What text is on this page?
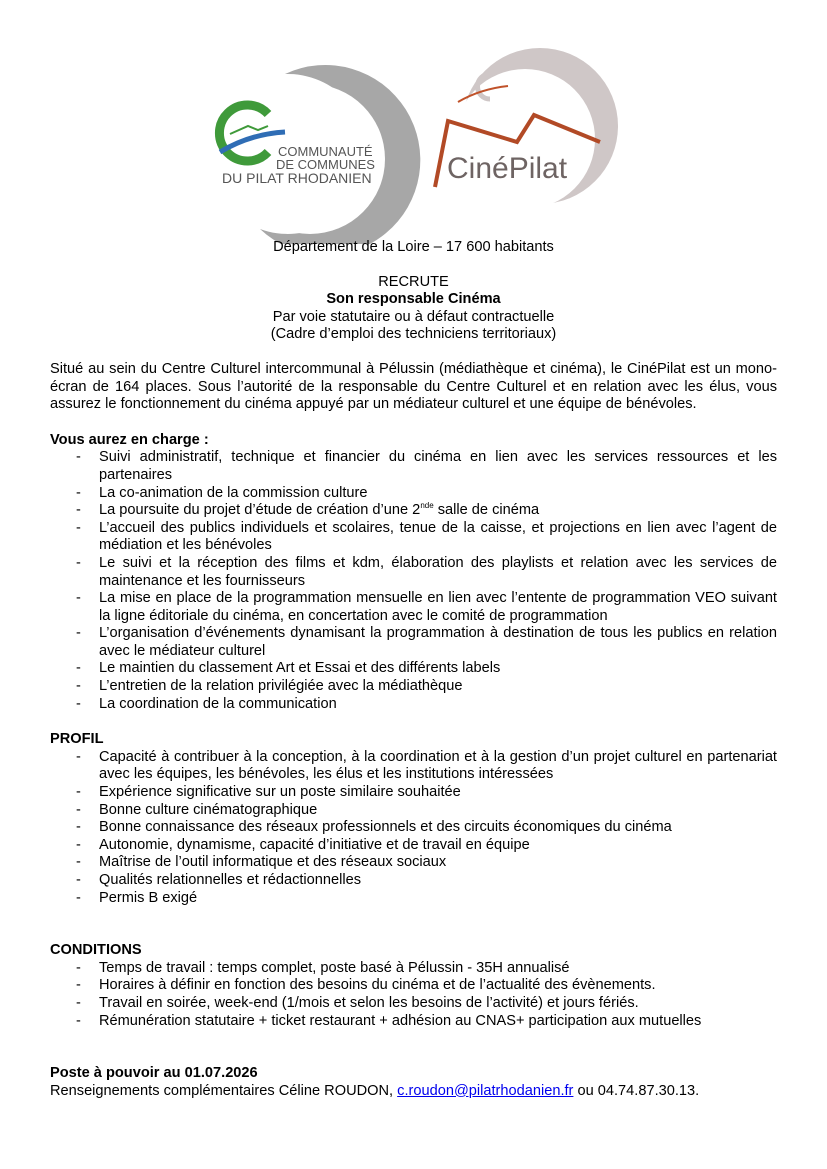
COMMUNAUTÉ
DE COMMUNES
DU PILAT RHODANIEN	CinéPilat
Département de la Loire – 17 600 habitants
RECRUTE
Son responsable Cinéma
Par voie statutaire ou à défaut contractuelle
(Cadre d’emploi des techniciens territoriaux)
Situé au sein du Centre Culturel intercommunal à Pélussin (médiathèque et cinéma), le CinéPilat est un mono-écran de 164 places. Sous l’autorité de la responsable du Centre Culturel et en relation avec les élus, vous assurez le fonctionnement du cinéma appuyé par un médiateur culturel et une équipe de bénévoles.
Vous aurez en charge :
- Suivi administratif, technique et financier du cinéma en lien avec les services ressources et les partenaires
- La co-animation de la commission culture
- La poursuite du projet d’étude de création d’une 2nde salle de cinéma
- L’accueil des publics individuels et scolaires, tenue de la caisse, et projections en lien avec l’agent de médiation et les bénévoles
- Le suivi et la réception des films et kdm, élaboration des playlists et relation avec les services de maintenance et les fournisseurs
- La mise en place de la programmation mensuelle en lien avec l’entente de programmation VEO suivant la ligne éditoriale du cinéma, en concertation avec le comité de programmation
- L’organisation d’événements dynamisant la programmation à destination de tous les publics en relation avec le médiateur culturel
- Le maintien du classement Art et Essai et des différents labels
- L’entretien de la relation privilégiée avec la médiathèque
- La coordination de la communication
PROFIL
- Capacité à contribuer à la conception, à la coordination et à la gestion d’un projet culturel en partenariat avec les équipes, les bénévoles, les élus et les institutions intéressées
- Expérience significative sur un poste similaire souhaitée
- Bonne culture cinématographique
- Bonne connaissance des réseaux professionnels et des circuits économiques du cinéma
- Autonomie, dynamisme, capacité d’initiative et de travail en équipe
- Maîtrise de l’outil informatique et des réseaux sociaux
- Qualités relationnelles et rédactionnelles
- Permis B exigé
CONDITIONS
- Temps de travail : temps complet, poste basé à Pélussin - 35H annualisé
- Horaires à définir en fonction des besoins du cinéma et de l’actualité des évènements.
- Travail en soirée, week-end (1/mois et selon les besoins de l’activité) et jours fériés.
- Rémunération statutaire + ticket restaurant + adhésion au CNAS+ participation aux mutuelles
Poste à pouvoir au 01.07.2026
Renseignements complémentaires Céline ROUDON, c.roudon@pilatrhodanien.fr ou 04.74.87.30.13.
